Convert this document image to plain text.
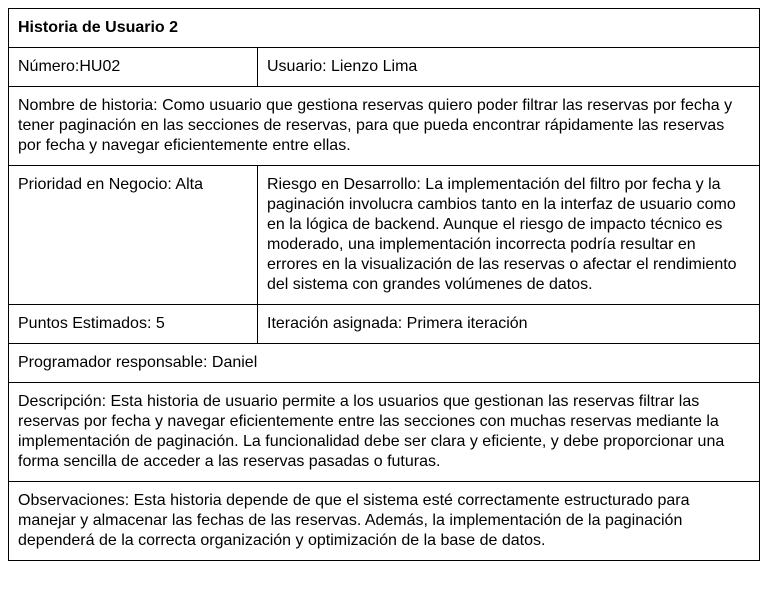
Historia de Usuario 2	
Número:HU02	Usuario: Lienzo Lima
Nombre de historia: Como usuario que gestiona reservas quiero poder filtrar las reservas por fecha y tener paginación en las secciones de reservas, para que pueda encontrar rápidamente las reservas por fecha y navegar eficientemente entre ellas.	
Prioridad en Negocio: Alta	Riesgo en Desarrollo: La implementación del filtro por fecha y la paginación involucra cambios tanto en la interfaz de usuario como en la lógica de backend. Aunque el riesgo de impacto técnico es moderado, una implementación incorrecta podría resultar en errores en la visualización de las reservas o afectar el rendimiento del sistema con grandes volúmenes de datos.
Puntos Estimados: 5	Iteración asignada: Primera iteración
Programador responsable: Daniel	
Descripción: Esta historia de usuario permite a los usuarios que gestionan las reservas filtrar las reservas por fecha y navegar eficientemente entre las secciones con muchas reservas mediante la implementación de paginación. La funcionalidad debe ser clara y eficiente, y debe proporcionar una forma sencilla de acceder a las reservas pasadas o futuras.	
Observaciones: Esta historia depende de que el sistema esté correctamente estructurado para manejar y almacenar las fechas de las reservas. Además, la implementación de la paginación dependerá de la correcta organización y optimización de la base de datos.	
